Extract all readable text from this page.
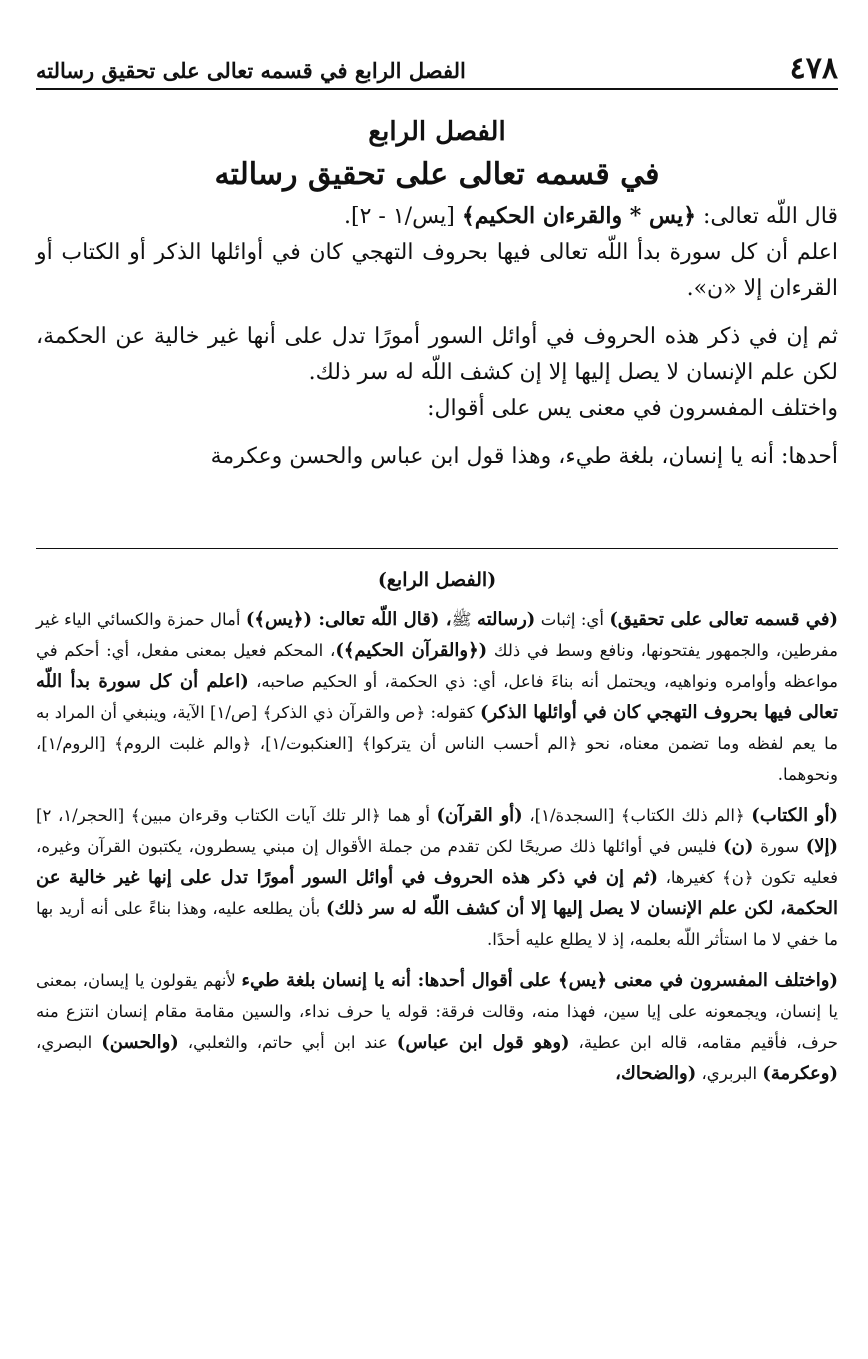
٤٧٨
الفصل الرابع في قسمه تعالى على تحقيق رسالته
الفصل الرابع
في قسمه تعالى على تحقيق رسالته

قال اللّه تعالى: ﴿يس * والقرءان الحكيم﴾ [يس/١ - ٢].

اعلم أن كل سورة بدأ اللّه تعالى فيها بحروف التهجي كان في أوائلها الذكر أو الكتاب أو القرءان إلا «ن».

ثم إن في ذكر هذه الحروف في أوائل السور أمورًا تدل على أنها غير خالية عن الحكمة، لكن علم الإنسان لا يصل إليها إلا إن كشف اللّه له سر ذلك.

واختلف المفسرون في معنى يس على أقوال:

أحدها: أنه يا إنسان، بلغة طيء، وهذا قول ابن عباس والحسن وعكرمة

(الفصل الرابع)

(في قسمه تعالى على تحقيق) أي: إثبات (رسالته ﷺ، (قال اللّه تعالى: (﴿يس﴾) أمال حمزة والكسائي الياء غير مفرطين، والجمهور يفتحونها، ونافع وسط في ذلك (﴿والقرآن الحكيم﴾)، المحكم فعيل بمعنى مفعل، أي: أحكم في مواعظه وأوامره ونواهيه، ويحتمل أنه بناءَ فاعل، أي: ذي الحكمة، أو الحكيم صاحبه، (اعلم أن كل سورة بدأ اللّه تعالى فيها بحروف التهجي كان في أوائلها الذكر) كقوله: ﴿ص والقرآن ذي الذكر﴾ [ص/١] الآية، وينبغي أن المراد به ما يعم لفظه وما تضمن معناه، نحو ﴿الم أحسب الناس أن يتركوا﴾ [العنكبوت/١]، ﴿والم غلبت الروم﴾ [الروم/١]، ونحوهما.

(أو الكتاب) ﴿الم ذلك الكتاب﴾ [السجدة/١]، (أو القرآن) أو هما ﴿الر تلك آيات الكتاب وقرءان مبين﴾ [الحجر/١، ٢] (إلا) سورة (ن) فليس في أوائلها ذلك صريحًا لكن تقدم من جملة الأقوال إن مبني يسطرون، يكتبون القرآن وغيره، فعليه تكون ﴿ن﴾ كغيرها، (ثم إن في ذكر هذه الحروف في أوائل السور أمورًا تدل على إنها غير خالية عن الحكمة، لكن علم الإنسان لا يصل إليها إلا أن كشف اللّه له سر ذلك) بأن يطلعه عليه، وهذا بناءً على أنه أريد بها ما خفي لا ما استأثر اللّه بعلمه، إذ لا يطلع عليه أحدًا.

(واختلف المفسرون في معنى ﴿يس﴾ على أقوال أحدها: أنه يا إنسان بلغة طيء لأنهم يقولون يا إيسان، بمعنى يا إنسان، ويجمعونه على إيا سين، فهذا منه، وقالت فرقة: قوله يا حرف نداء، والسين مقامة مقام إنسان انتزع منه حرف، فأقيم مقامه، قاله ابن عطية، (وهو قول ابن عباس) عند ابن أبي حاتم، والثعلبي، (والحسن) البصري، (وعكرمة) البربري، (والضحاك،
